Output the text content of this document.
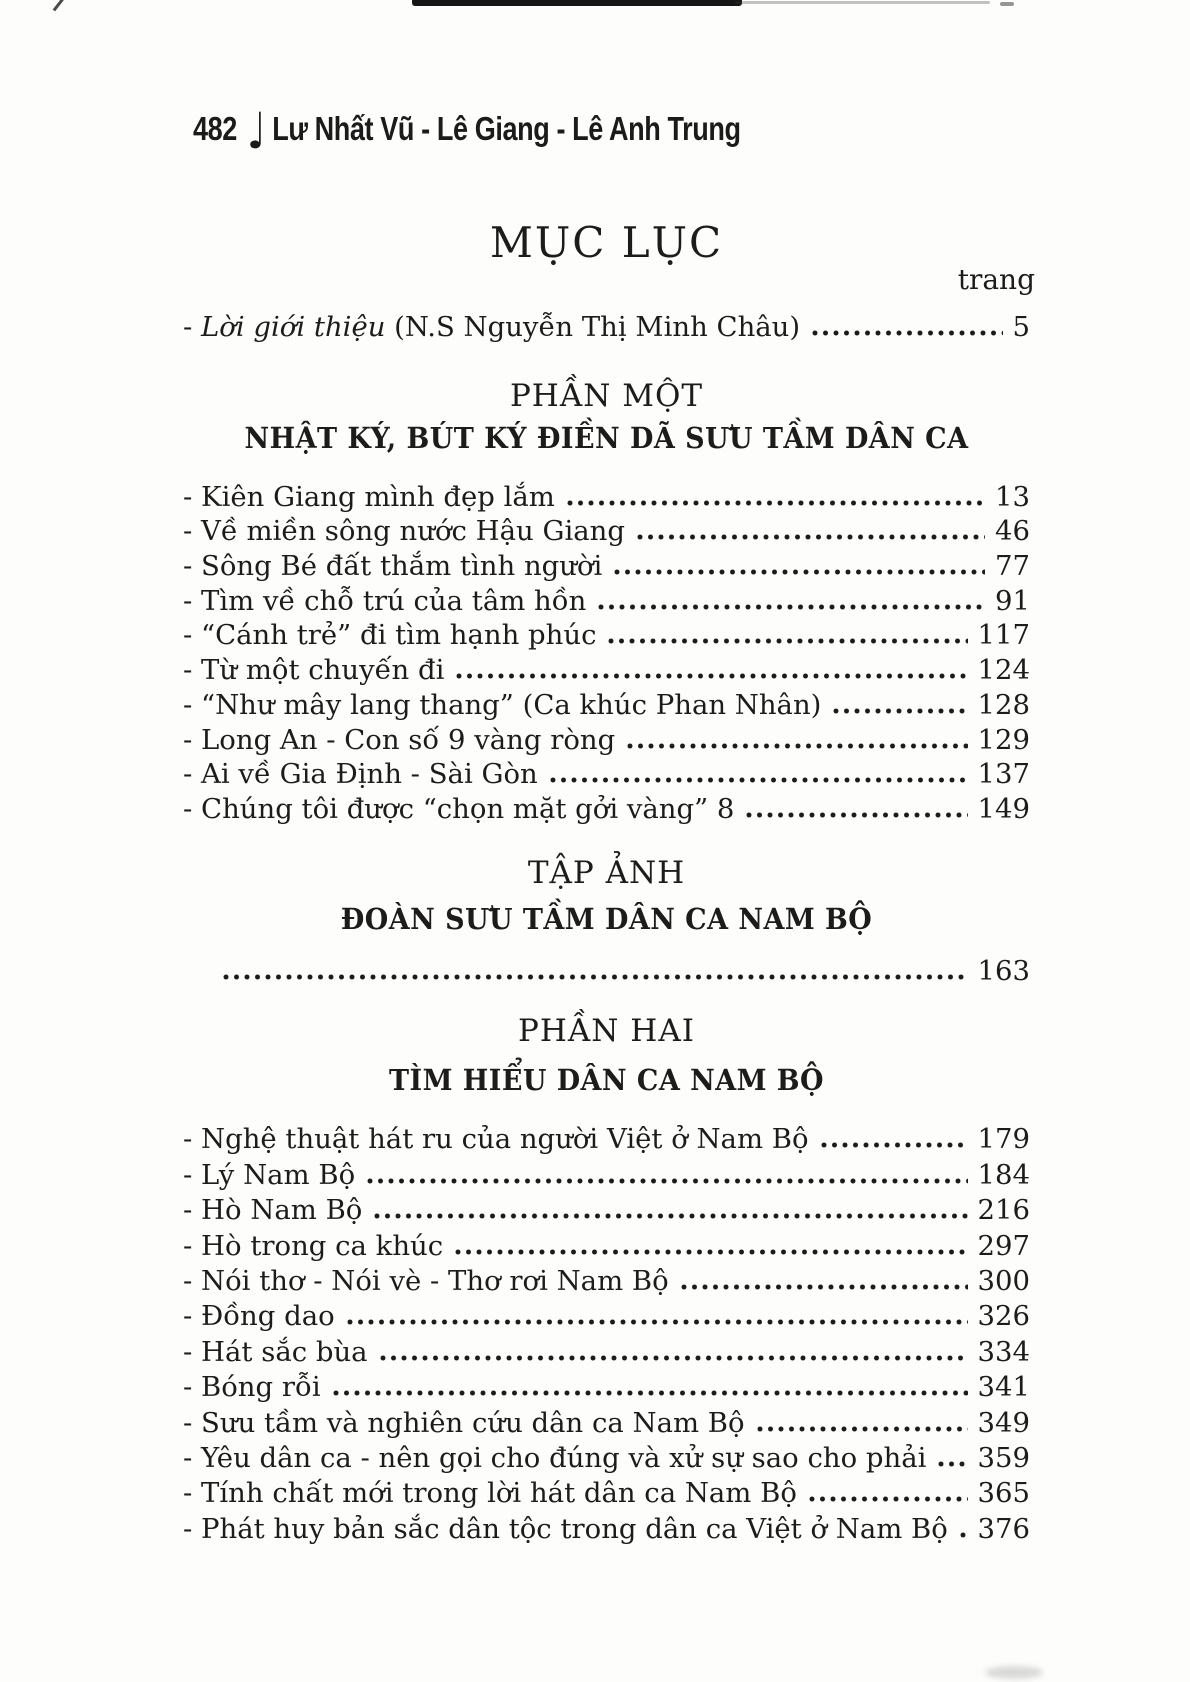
482 ♩ Lư Nhất Vũ - Lê Giang - Lê Anh Trung
MỤC LỤC
trang
- Lời giới thiệu (N.S Nguyễn Thị Minh Châu)	5
PHẦN MỘT
NHẬT KÝ, BÚT KÝ ĐIỀN DÃ SƯU TẦM DÂN CA
- Kiên Giang mình đẹp lắm	13
- Về miền sông nước Hậu Giang	46
- Sông Bé đất thắm tình người	77
- Tìm về chỗ trú của tâm hồn	91
- “Cánh trẻ” đi tìm hạnh phúc	117
- Từ một chuyến đi	124
- “Như mây lang thang” (Ca khúc Phan Nhân)	128
- Long An - Con số 9 vàng ròng	129
- Ai về Gia Định - Sài Gòn	137
- Chúng tôi được “chọn mặt gởi vàng” 8	149
TẬP ẢNH
ĐOÀN SƯU TẦM DÂN CA NAM BỘ
163
PHẦN HAI
TÌM HIỂU DÂN CA NAM BỘ
- Nghệ thuật hát ru của người Việt ở Nam Bộ	179
- Lý Nam Bộ	184
- Hò Nam Bộ	216
- Hò trong ca khúc	297
- Nói thơ - Nói vè - Thơ rơi Nam Bộ	300
- Đồng dao	326
- Hát sắc bùa	334
- Bóng rỗi	341
- Sưu tầm và nghiên cứu dân ca Nam Bộ	349
- Yêu dân ca - nên gọi cho đúng và xử sự sao cho phải 359
- Tính chất mới trong lời hát dân ca Nam Bộ	365
- Phát huy bản sắc dân tộc trong dân ca Việt ở Nam Bộ 376
